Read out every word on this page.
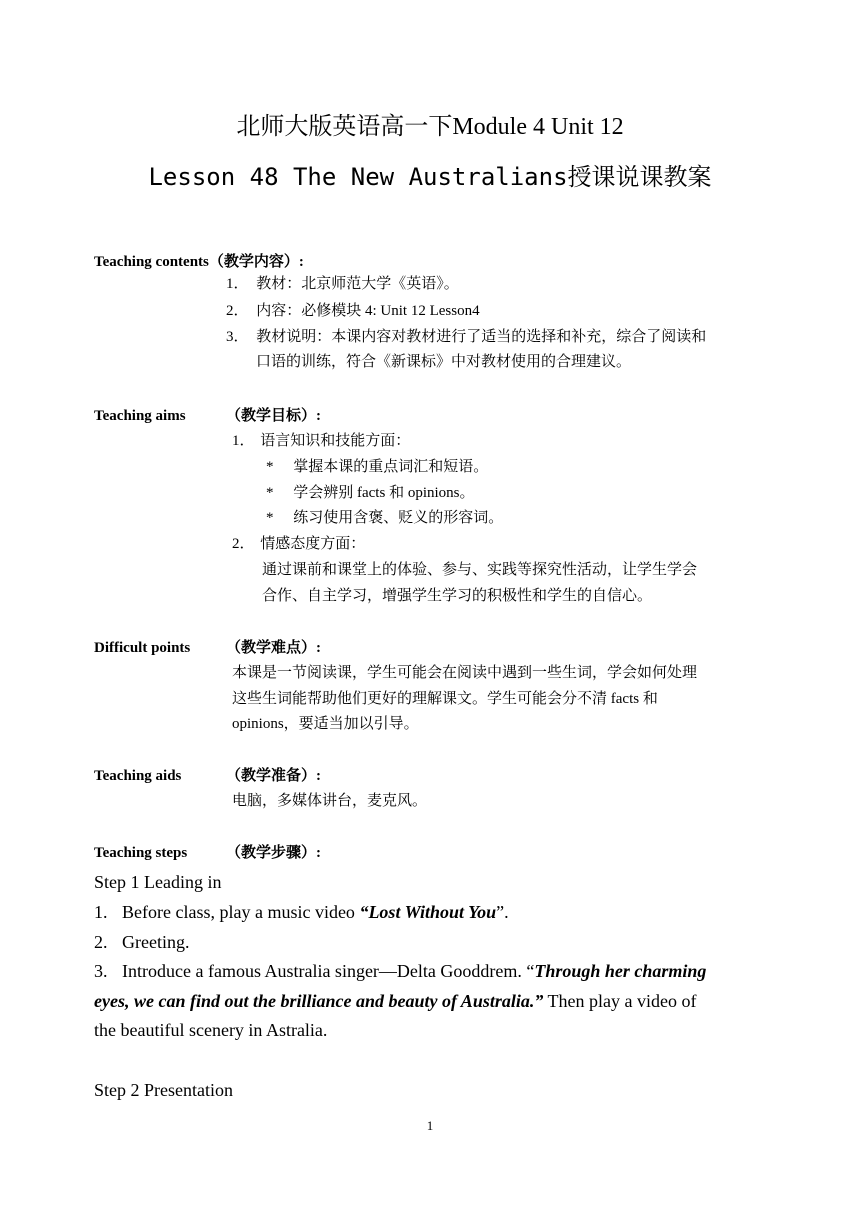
北师大版英语高一下Module 4 Unit 12
Lesson 48 The New Australians授课说课教案
Teaching contents（教学内容）:
1． 教材：北京师范大学《英语》。
2． 内容：必修模块 4: Unit 12 Lesson4
3． 教材说明：本课内容对教材进行了适当的选择和补充，综合了阅读和
口语的训练，符合《新课标》中对教材使用的合理建议。
Teaching aims	（教学目标）:
1． 语言知识和技能方面：
* 掌握本课的重点词汇和短语。
* 学会辨别 facts 和 opinions。
* 练习使用含褒、贬义的形容词。
2． 情感态度方面：
通过课前和课堂上的体验、参与、实践等探究性活动，让学生学会
合作、自主学习，增强学生学习的积极性和学生的自信心。
Difficult points （教学难点）:
本课是一节阅读课，学生可能会在阅读中遇到一些生词，学会如何处理
这些生词能帮助他们更好的理解课文。学生可能会分不清 facts 和
opinions，要适当加以引导。
Teaching aids	（教学准备）:
电脑，多媒体讲台，麦克风。
Teaching steps	（教学步骤）:
Step 1 Leading in
1. Before class, play a music video “Lost Without You”.
2. Greeting.
3. Introduce a famous Australia singer—Delta Gooddrem. “Through her charming
eyes, we can find out the brilliance and beauty of Australia.” Then play a video of
the beautiful scenery in Astralia.
Step 2 Presentation
1
